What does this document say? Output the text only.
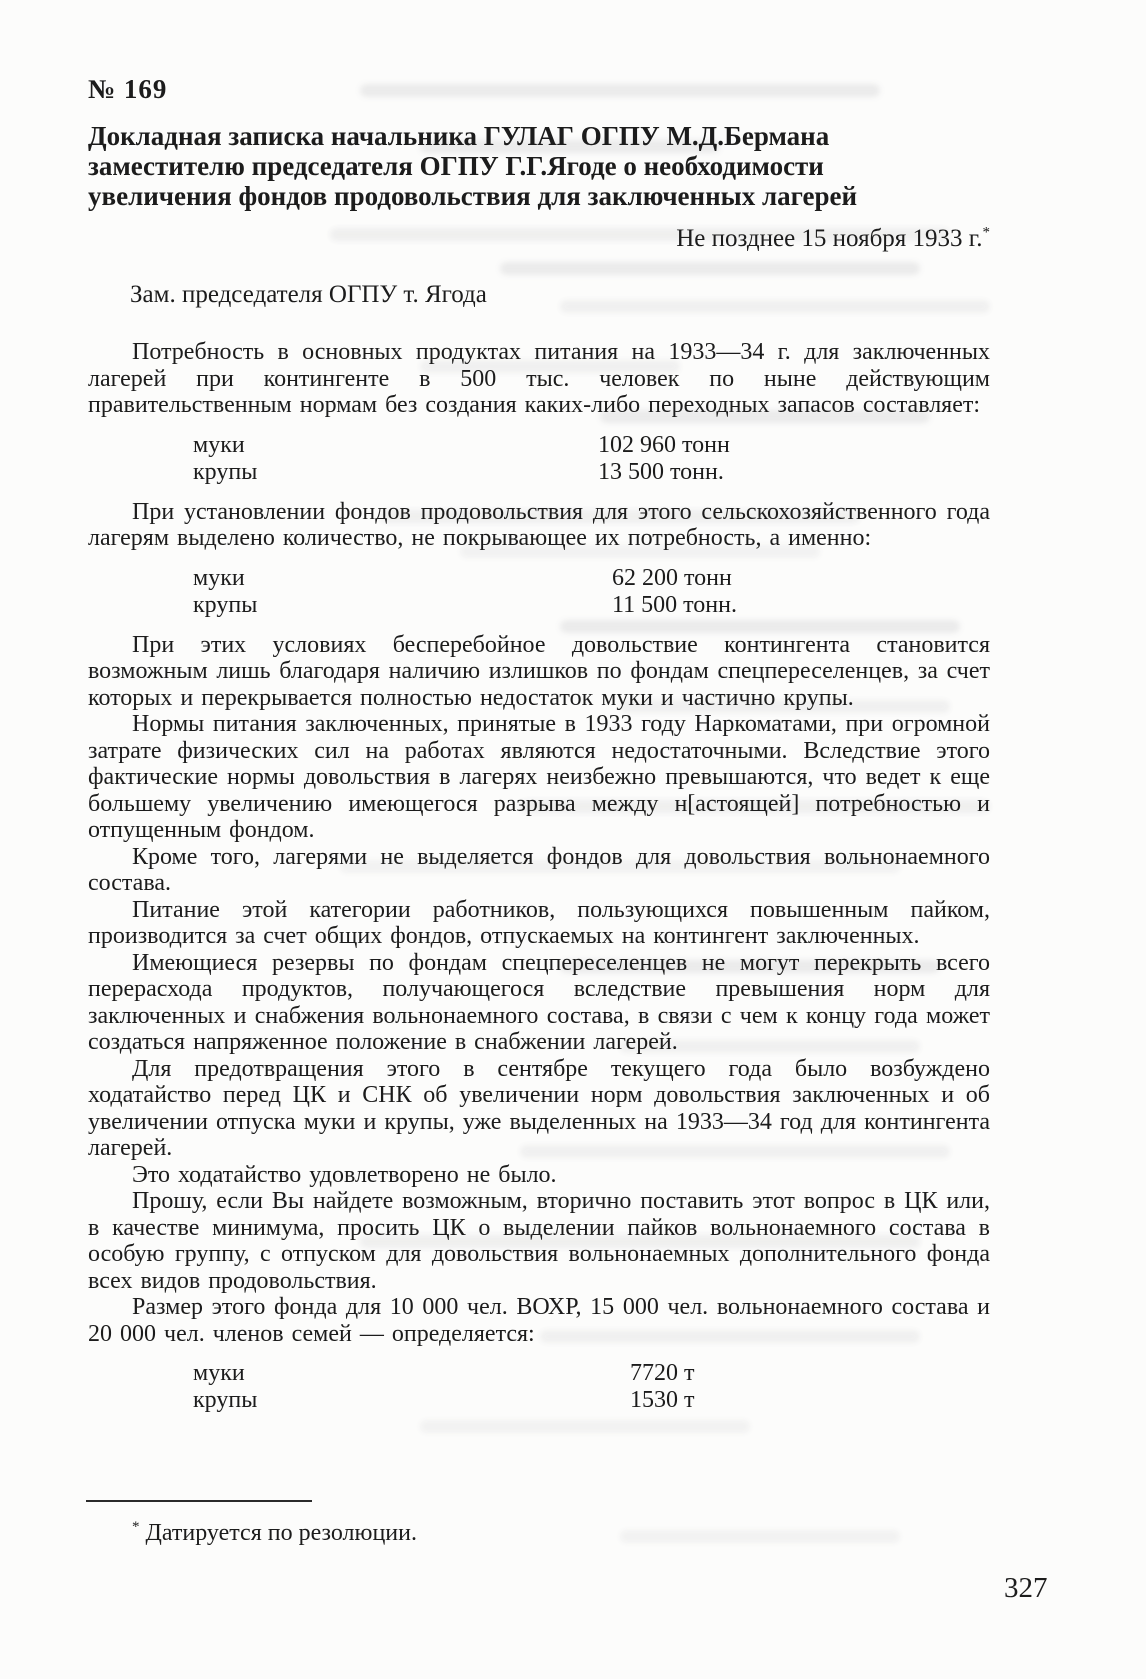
№ 169
Докладная записка начальника ГУЛАГ ОГПУ М.Д.Бермана
заместителю председателя ОГПУ Г.Г.Ягоде о необходимости
увеличения фондов продовольствия для заключенных лагерей
Не позднее 15 ноября 1933 г.*
Зам. председателя ОГПУ т. Ягода

Потребность в основных продуктах питания на 1933—34 г. для заключенных лагерей при контингенте в 500 тыс. человек по ныне действующим правительственным нормам без создания каких-либо переходных запасов составляет:

муки	102 960 тонн
крупы	13 500 тонн.

При установлении фондов продовольствия для этого сельскохозяйственного года лагерям выделено количество, не покрывающее их потребность, а именно:

муки	62 200 тонн
крупы	11 500 тонн.

При этих условиях бесперебойное довольствие контингента становится возможным лишь благодаря наличию излишков по фондам спецпереселенцев, за счет которых и перекрывается полностью недостаток муки и частично крупы.

Нормы питания заключенных, принятые в 1933 году Наркоматами, при огромной затрате физических сил на работах являются недостаточными. Вследствие этого фактические нормы довольствия в лагерях неизбежно превышаются, что ведет к еще большему увеличению имеющегося разрыва между н[астоящей] потребностью и отпущенным фондом.

Кроме того, лагерями не выделяется фондов для довольствия вольнонаемного состава.

Питание этой категории работников, пользующихся повышенным пайком, производится за счет общих фондов, отпускаемых на контингент заключенных.

Имеющиеся резервы по фондам спецпереселенцев не могут перекрыть всего перерасхода продуктов, получающегося вследствие превышения норм для заключенных и снабжения вольнонаемного состава, в связи с чем к концу года может создаться напряженное положение в снабжении лагерей.

Для предотвращения этого в сентябре текущего года было возбуждено ходатайство перед ЦК и СНК об увеличении норм довольствия заключенных и об увеличении отпуска муки и крупы, уже выделенных на 1933—34 год для контингента лагерей.

Это ходатайство удовлетворено не было.

Прошу, если Вы найдете возможным, вторично поставить этот вопрос в ЦК или, в качестве минимума, просить ЦК о выделении пайков вольнонаемного состава в особую группу, с отпуском для довольствия вольнонаемных дополнительного фонда всех видов продовольствия.

Размер этого фонда для 10 000 чел. ВОХР, 15 000 чел. вольнонаемного состава и 20 000 чел. членов семей — определяется:

муки	7720 т
крупы	1530 т
* Датируется по резолюции.
327
